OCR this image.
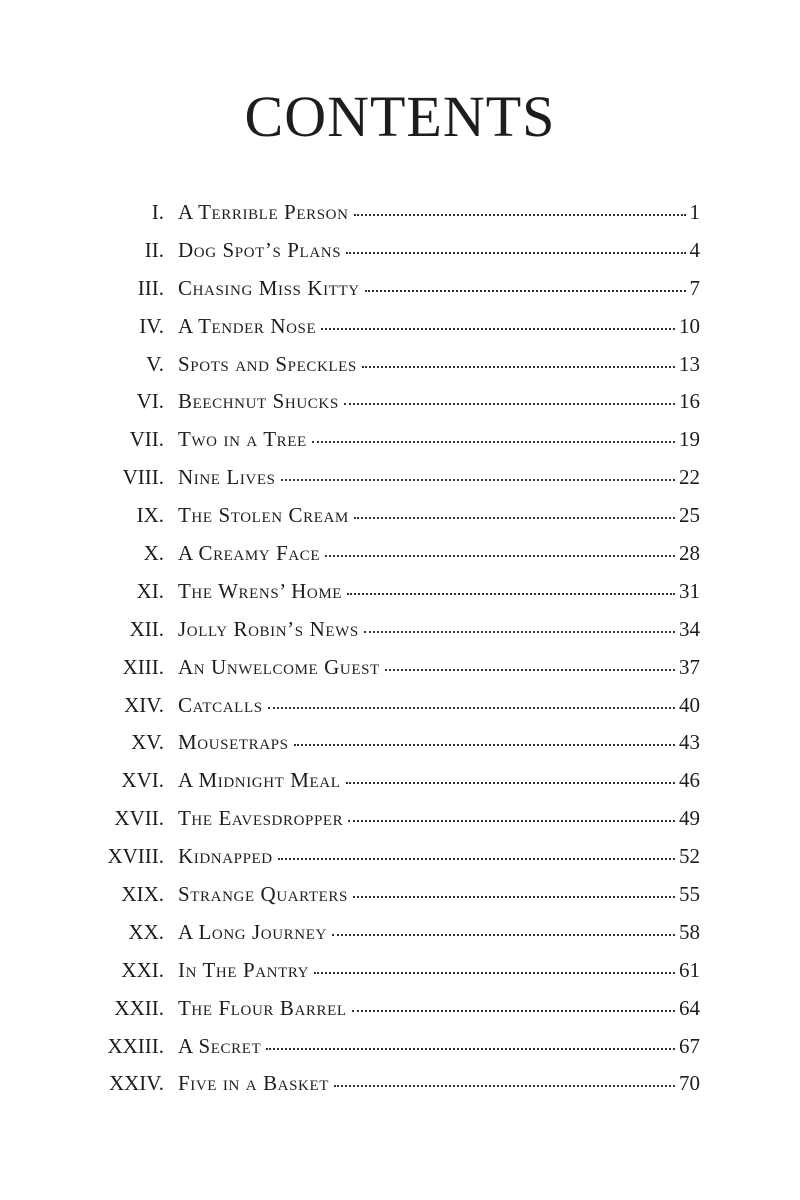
CONTENTS
I. A Terrible Person	1
II. Dog Spot’s Plans	4
III. Chasing Miss Kitty	7
IV. A Tender Nose	10
V. Spots and Speckles	13
VI. Beechnut Shucks	16
VII. Two in a Tree	19
VIII. Nine Lives	22
IX. The Stolen Cream	25
X. A Creamy Face	28
XI. The Wrens’ Home	31
XII. Jolly Robin’s News	34
XIII. An Unwelcome Guest	37
XIV. Catcalls	40
XV. Mousetraps	43
XVI. A Midnight Meal	46
XVII. The Eavesdropper	49
XVIII. Kidnapped	52
XIX. Strange Quarters	55
XX. A Long Journey	58
XXI. In The Pantry	61
XXII. The Flour Barrel	64
XXIII. A Secret	67
XXIV. Five in a Basket	70
